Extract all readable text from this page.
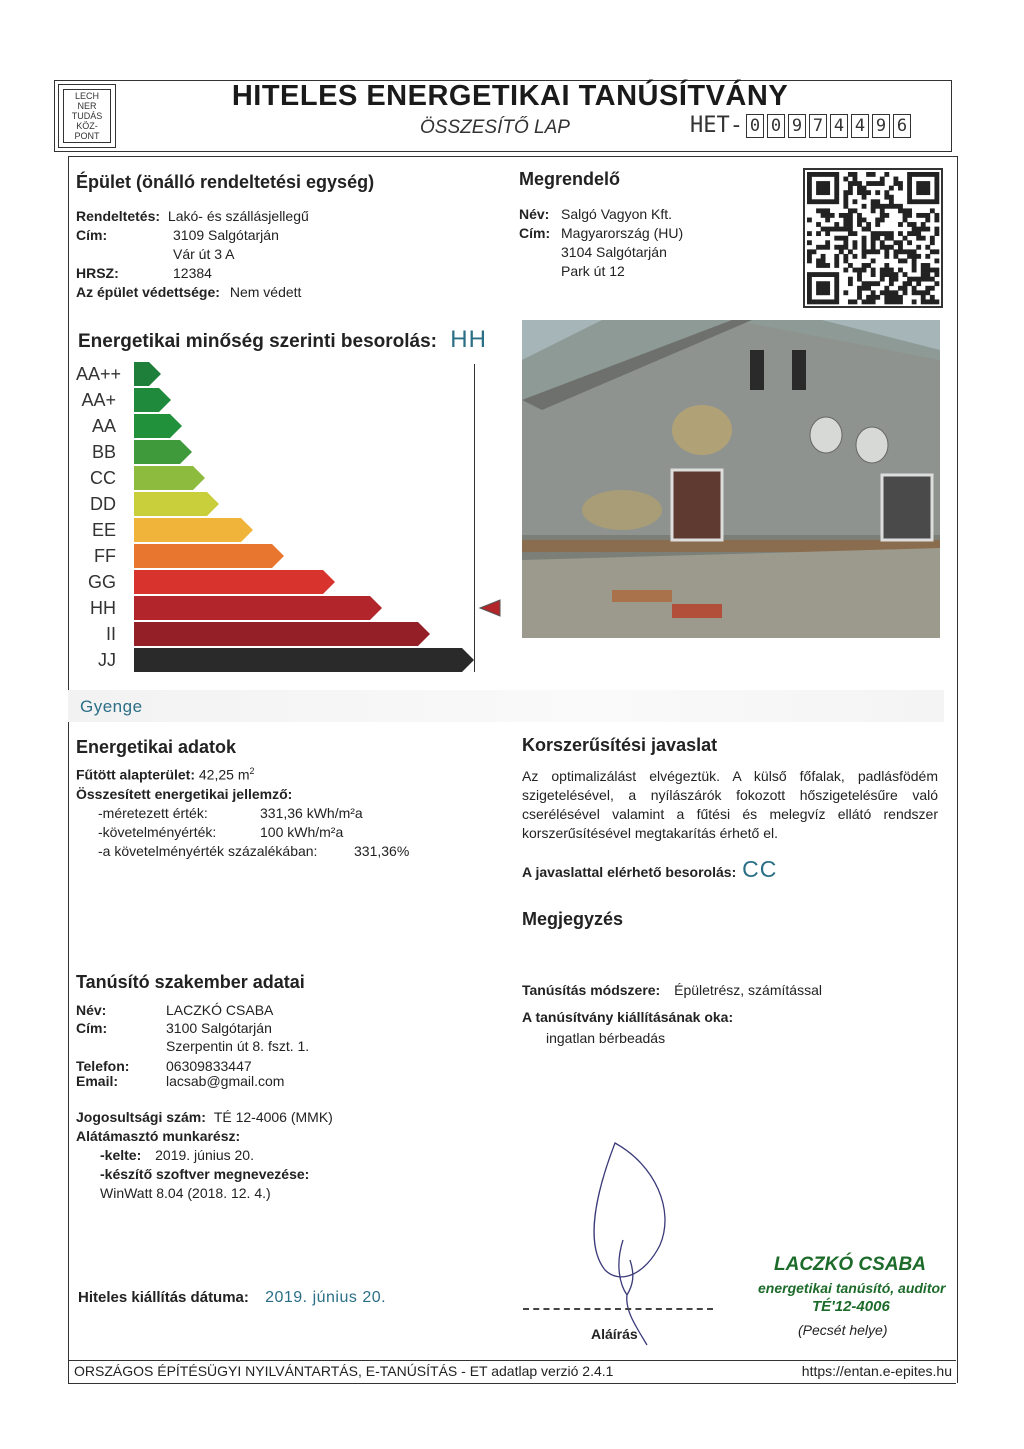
LECH
NER
TUDÁS
KÖZ-
PONT
HITELES ENERGETIKAI TANÚSÍTVÁNY
ÖSSZESÍTŐ LAP	HET- 0 0 9 7 4 4 9 6
Épület (önálló rendeltetési egység)
Rendeltetés: Lakó- és szállásjellegű
Cím:	3109 Salgótarján
Vár út 3 A
HRSZ:	12384
Az épület védettsége: Nem védett
Megrendelő
Név: Salgó Vagyon Kft.
Cím: Magyarország (HU)
3104 Salgótarján
Park út 12
Energetikai minőség szerinti besorolás: HH
AA++
AA+
AA
BB
CC
DD
EE
FF
GG
HH
II
JJ
Gyenge
Energetikai adatok
Fűtött alapterület: 42,25 $m^2$
Összesített energetikai jellemző:
-méretezett érték:	331,36 kWh/m²a
-követelményérték:	100 kWh/m²a
-a követelményérték százalékában:	331,36%
Korszerűsítési javaslat
Az optimalizálást elvégeztük. A külső főfalak, padlásfödém szigetelésével, a nyílászárók fokozott hőszigetelésűre való cserélésével valamint a fűtési és melegvíz ellátó rendszer korszerűsítésével megtakarítás érhető el.
A javaslattal elérhető besorolás: CC
Megjegyzés
Tanúsító szakember adatai
Név:	LACZKÓ CSABA
Cím:	3100 Salgótarján
Szerpentin út 8. fszt. 1.
Telefon:	06309833447
Email:	lacsab@gmail.com
Jogosultsági szám: TÉ 12-4006 (MMK)
Alátámasztó munkarész:
-kelte: 2019. június 20.
-készítő szoftver megnevezése:
WinWatt 8.04 (2018. 12. 4.)
Tanúsítás módszere: Épületrész, számítással
A tanúsítvány kiállításának oka:
ingatlan bérbeadás
Hiteles kiállítás dátuma: 2019. június 20.
Aláírás
LACZKÓ CSABA
energetikai tanúsító, auditor
TÉ'12-4006
(Pecsét helye)
ORSZÁGOS ÉPÍTÉSÜGYI NYILVÁNTARTÁS, E-TANÚSÍTÁS - ET adatlap verzió 2.4.1	https://entan.e-epites.hu
